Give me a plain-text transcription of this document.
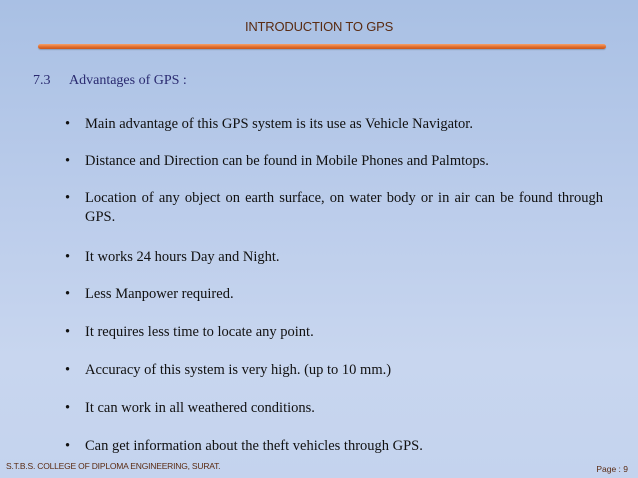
INTRODUCTION TO GPS
7.3 Advantages of GPS :
• Main advantage of this GPS system is its use as Vehicle Navigator.
• Distance and Direction can be found in Mobile Phones and Palmtops.
• Location of any object on earth surface, on water body or in air can be found through GPS.
• It works 24 hours Day and Night.
• Less Manpower required.
• It requires less time to locate any point.
• Accuracy of this system is very high. (up to 10 mm.)
• It can work in all weathered conditions.
• Can get information about the theft vehicles through GPS.
S.T.B.S. COLLEGE OF DIPLOMA ENGINEERING, SURAT.	Page : 9
